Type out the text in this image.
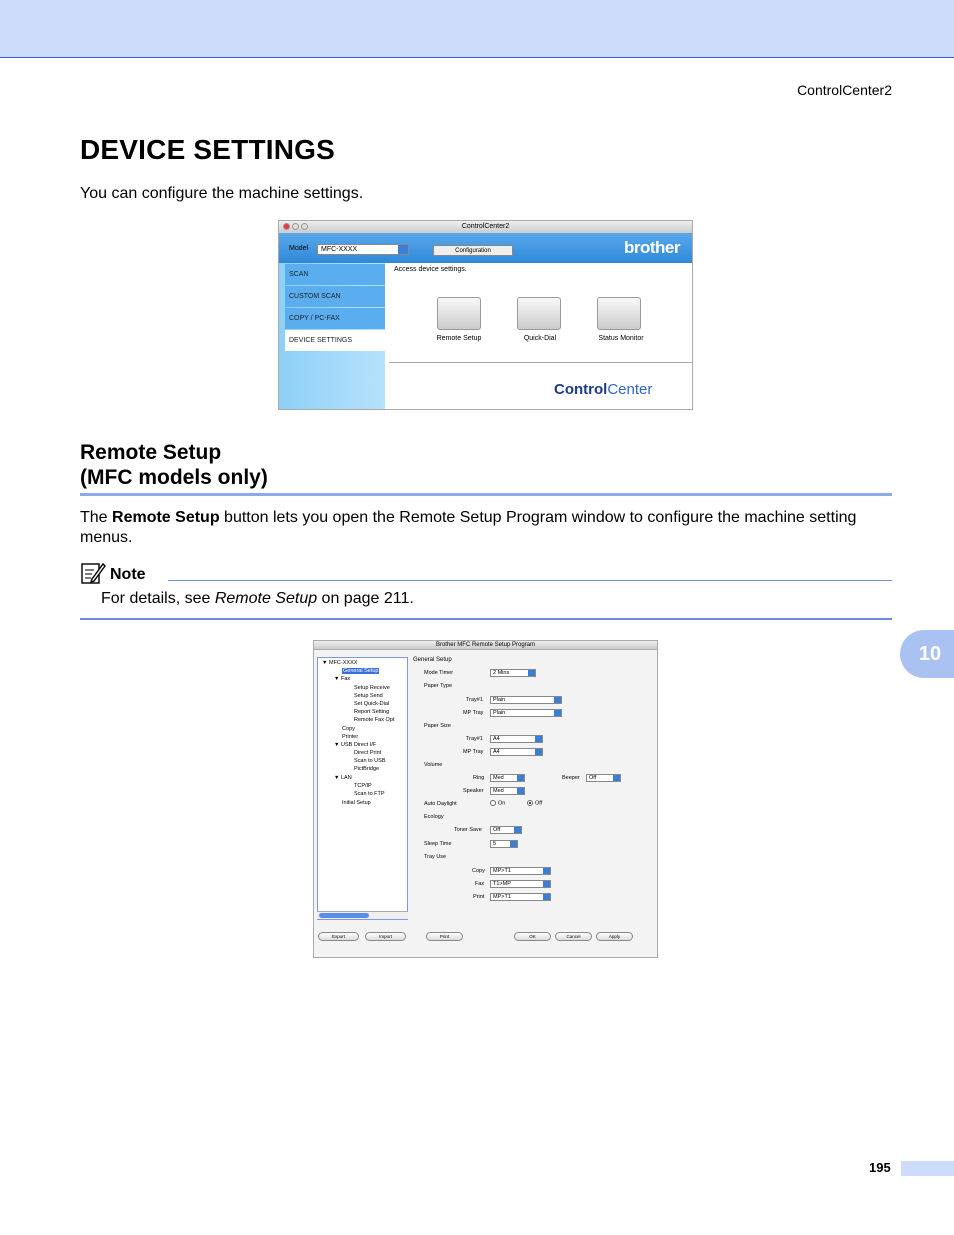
ControlCenter2
DEVICE SETTINGS
You can configure the machine settings.
ControlCenter2
Model	MFC-XXXX	Configuration	brother
SCAN
CUSTOM SCAN
COPY / PC-FAX
DEVICE SETTINGS
Access device settings.
Remote Setup	Quick-Dial	Status Monitor
ControlCenter
Remote Setup
(MFC models only)
The Remote Setup button lets you open the Remote Setup Program window to configure the machine setting menus.
Note
For details, see Remote Setup on page 211.
10
Brother MFC Remote Setup Program
▼ MFC-XXXX
General Setup
▼ Fax
Setup Receive
Setup Send
Set Quick-Dial
Report Setting
Remote Fax Opt
Copy
Printer
▼ USB Direct I/F
Direct Print
Scan to USB
PictBridge
▼ LAN
TCP/IP
Scan to FTP
Initial Setup
General Setup
Mode Timer	2 Mins
Paper Type
Tray#1	Plain
MP Tray	Plain
Paper Size
Tray#1	A4
MP Tray	A4
Volume
Ring	Med	Beeper	Off
Speaker	Med
Auto Daylight	On	Off
Ecology
Toner Save	Off
Sleep Time	5
Tray Use
Copy	MP>T1
Fax	T1>MP
Print	MP>T1
Export	Import	Print	OK	Cancel	Apply
195
